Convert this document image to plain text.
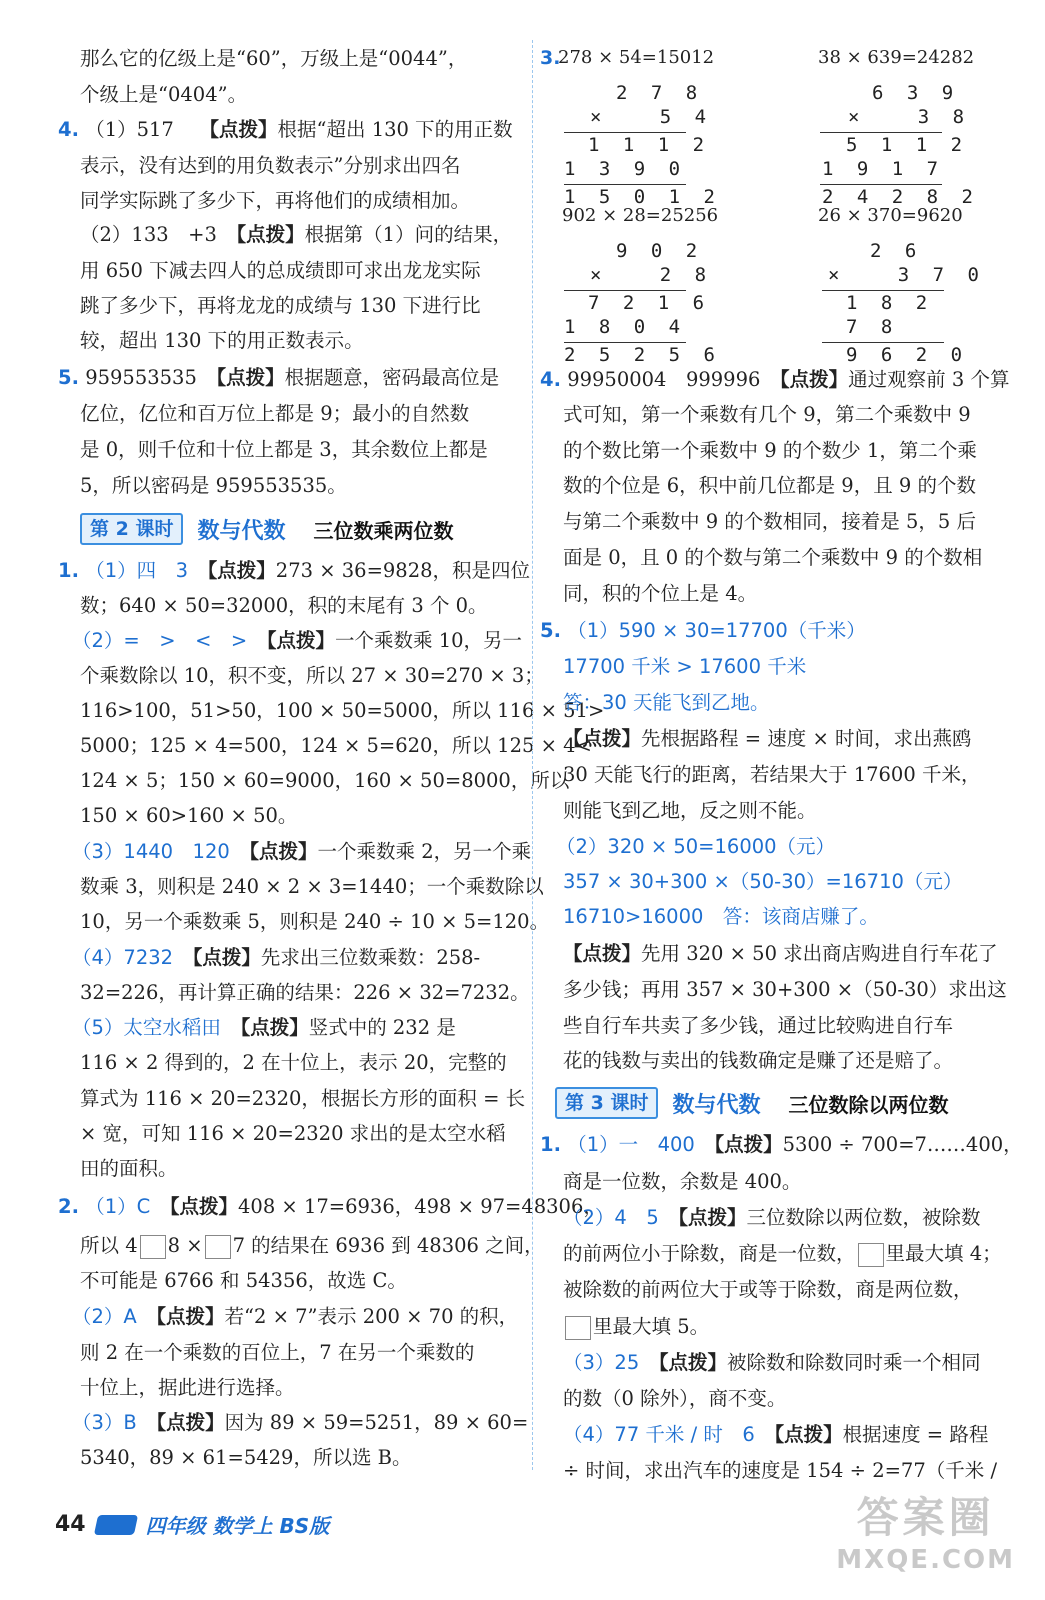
那么它的亿级上是“60”，万级上是“0044”，
个级上是“0404”。
4. （1）517　 【点拨】根据“超出 130 下的用正数
表示，没有达到的用负数表示”分别求出四名
同学实际跳了多少下，再将他们的成绩相加。
（2）133　+3　 【点拨】根据第（1）问的结果，
用 650 下减去四人的总成绩即可求出龙龙实际
跳了多少下，再将龙龙的成绩与 130 下进行比
较，超出 130 下的用正数表示。
5. 959553535　 【点拨】根据题意，密码最高位是
亿位，亿位和百万位上都是 9；最小的自然数
是 0，则千位和十位上都是 3，其余数位上都是
5，所以密码是 959553535。
第 2 课时	数与代数 三位数乘两位数
1. （1）四　3　 【点拨】273 × 36=9828，积是四位
数；640 × 50=32000，积的末尾有 3 个 0。
（2）=　>　<　>　 【点拨】一个乘数乘 10，另一
个乘数除以 10，积不变，所以 27 × 30=270 × 3；
116>100，51>50，100 × 50=5000，所以 116 × 51>
5000；125 × 4=500，124 × 5=620，所以 125 × 4<
124 × 5；150 × 60=9000，160 × 50=8000，所以
150 × 60>160 × 50。
（3）1440　120　 【点拨】一个乘数乘 2，另一个乘
数乘 3，则积是 240 × 2 × 3=1440；一个乘数除以
10，另一个乘数乘 5，则积是 240 ÷ 10 × 5=120。
（4）7232　 【点拨】先求出三位数乘数：258-
32=226，再计算正确的结果：226 × 32=7232。
（5）太空水稻田　 【点拨】竖式中的 232 是
116 × 2 得到的，2 在十位上，表示 20，完整的
算式为 116 × 20=2320，根据长方形的面积 = 长
× 宽，可知 116 × 20=2320 求出的是太空水稻
田的面积。
2. （1）C　 【点拨】408 × 17=6936，498 × 97=48306，
所以 4 8 × 7 的结果在 6936 到 48306 之间，
不可能是 6766 和 54356，故选 C。
（2）A　 【点拨】若“2 × 7”表示 200 × 70 的积，
则 2 在一个乘数的百位上，7 在另一个乘数的
十位上，据此进行选择。
（3）B　 【点拨】因为 89 × 59=5251，89 × 60=
5340，89 × 61=5429，所以选 B。
3.
278 × 54=15012	38 × 639=24282
2 7 8
×   5 4
1 1 1 2
1 3 9 0
1 5 0 1 2
6 3 9
×   3 8
5 1 1 2
1 9 1 7
2 4 2 8 2
902 × 28=25256	26 × 370=9620
9 0 2
×   2 8
7 2 1 6
1 8 0 4
2 5 2 5 6
2 6
×   3 7 0
1 8 2
7 8
9 6 2 0
4. 99950004　999996　 【点拨】通过观察前 3 个算
式可知，第一个乘数有几个 9，第二个乘数中 9
的个数比第一个乘数中 9 的个数少 1，第二个乘
数的个位是 6，积中前几位都是 9，且 9 的个数
与第二个乘数中 9 的个数相同，接着是 5，5 后
面是 0，且 0 的个数与第二个乘数中 9 的个数相
同，积的个位上是 4。
5. （1）590 × 30=17700（千米）
17700 千米 > 17600 千米
答：30 天能飞到乙地。
【点拨】先根据路程 = 速度 × 时间，求出燕鸥
30 天能飞行的距离，若结果大于 17600 千米，
则能飞到乙地，反之则不能。
（2）320 × 50=16000（元）
357 × 30+300 ×（50-30）=16710（元）
16710>16000　 答：该商店赚了。
【点拨】先用 320 × 50 求出商店购进自行车花了
多少钱；再用 357 × 30+300 ×（50-30）求出这
些自行车共卖了多少钱，通过比较购进自行车
花的钱数与卖出的钱数确定是赚了还是赔了。
第 3 课时	数与代数 三位数除以两位数
1. （1）一　400　 【点拨】5300 ÷ 700=7……400，
商是一位数，余数是 400。
（2）4　5　 【点拨】三位数除以两位数，被除数
的前两位小于除数，商是一位数， 里最大填 4；
被除数的前两位大于或等于除数，商是两位数，
里最大填 5。
（3）25　 【点拨】被除数和除数同时乘一个相同
的数（0 除外），商不变。
（4）77 千米 / 时　6　 【点拨】根据速度 = 路程
÷ 时间，求出汽车的速度是 154 ÷ 2=77（千米 /
44	四年级 数学上 BS版	答案圈
MXQE.COM
